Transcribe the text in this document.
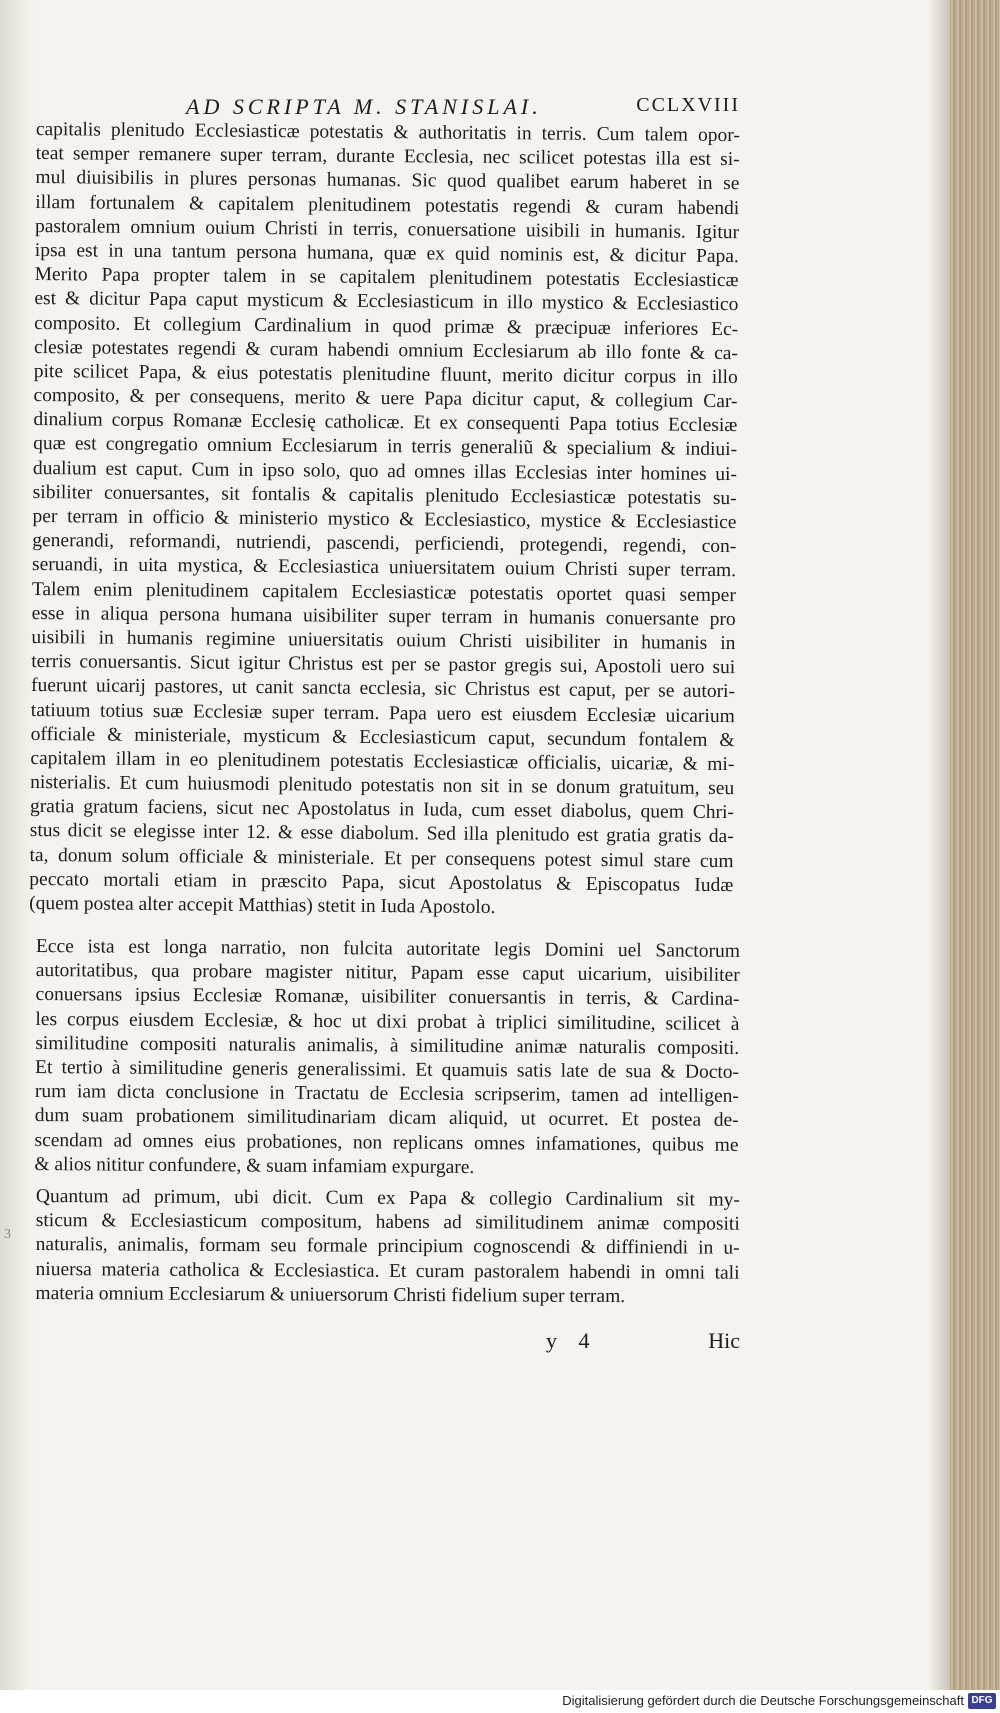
AD SCRIPTA M. STANISLAI.	CCLXVIII
capitalis plenitudo Ecclesiasticæ potestatis & authoritatis in terris. Cum talem opor-
teat semper remanere super terram, durante Ecclesia, nec scilicet potestas illa est si-
mul diuisibilis in plures personas humanas. Sic quod qualibet earum haberet in se
illam fortunalem & capitalem plenitudinem potestatis regendi & curam habendi
pastoralem omnium ouium Christi in terris, conuersatione uisibili in humanis. Igitur
ipsa est in una tantum persona humana, quæ ex quid nominis est, & dicitur Papa.
Merito Papa propter talem in se capitalem plenitudinem potestatis Ecclesiasticæ
est & dicitur Papa caput mysticum & Ecclesiasticum in illo mystico & Ecclesiastico
composito. Et collegium Cardinalium in quod primæ & præcipuæ inferiores Ec-
clesiæ potestates regendi & curam habendi omnium Ecclesiarum ab illo fonte & ca-
pite scilicet Papa, & eius potestatis plenitudine fluunt, merito dicitur corpus in illo
composito, & per consequens, merito & uere Papa dicitur caput, & collegium Car-
dinalium corpus Romanæ Ecclesię catholicæ. Et ex consequenti Papa totius Ecclesiæ
quæ est congregatio omnium Ecclesiarum in terris generaliũ & specialium & indiui-
dualium est caput. Cum in ipso solo, quo ad omnes illas Ecclesias inter homines ui-
sibiliter conuersantes, sit fontalis & capitalis plenitudo Ecclesiasticæ potestatis su-
per terram in officio & ministerio mystico & Ecclesiastico, mystice & Ecclesiastice
generandi, reformandi, nutriendi, pascendi, perficiendi, protegendi, regendi, con-
seruandi, in uita mystica, & Ecclesiastica uniuersitatem ouium Christi super terram.
Talem enim plenitudinem capitalem Ecclesiasticæ potestatis oportet quasi semper
esse in aliqua persona humana uisibiliter super terram in humanis conuersante pro
uisibili in humanis regimine uniuersitatis ouium Christi uisibiliter in humanis in
terris conuersantis. Sicut igitur Christus est per se pastor gregis sui, Apostoli uero sui
fuerunt uicarij pastores, ut canit sancta ecclesia, sic Christus est caput, per se autori-
tatiuum totius suæ Ecclesiæ super terram. Papa uero est eiusdem Ecclesiæ uicarium
officiale & ministeriale, mysticum & Ecclesiasticum caput, secundum fontalem &
capitalem illam in eo plenitudinem potestatis Ecclesiasticæ officialis, uicariæ, & mi-
nisterialis. Et cum huiusmodi plenitudo potestatis non sit in se donum gratuitum, seu
gratia gratum faciens, sicut nec Apostolatus in Iuda, cum esset diabolus, quem Chri-
stus dicit se elegisse inter 12. & esse diabolum. Sed illa plenitudo est gratia gratis da-
ta, donum solum officiale & ministeriale. Et per consequens potest simul stare cum
peccato mortali etiam in præscito Papa, sicut Apostolatus & Episcopatus Iudæ
(quem postea alter accepit Matthias) stetit in Iuda Apostolo.
Ecce ista est longa narratio, non fulcita autoritate legis Domini uel Sanctorum
autoritatibus, qua probare magister nititur, Papam esse caput uicarium, uisibiliter
conuersans ipsius Ecclesiæ Romanæ, uisibiliter conuersantis in terris, & Cardina-
les corpus eiusdem Ecclesiæ, & hoc ut dixi probat à triplici similitudine, scilicet à
similitudine compositi naturalis animalis, à similitudine animæ naturalis compositi.
Et tertio à similitudine generis generalissimi. Et quamuis satis late de sua & Docto-
rum iam dicta conclusione in Tractatu de Ecclesia scripserim, tamen ad intelligen-
dum suam probationem similitudinariam dicam aliquid, ut ocurret. Et postea de-
scendam ad omnes eius probationes, non replicans omnes infamationes, quibus me
& alios nititur confundere, & suam infamiam expurgare.
Quantum ad primum, ubi dicit. Cum ex Papa & collegio Cardinalium sit my-
sticum & Ecclesiasticum compositum, habens ad similitudinem animæ compositi
naturalis, animalis, formam seu formale principium cognoscendi & diffiniendi in u-
niuersa materia catholica & Ecclesiastica. Et curam pastoralem habendi in omni tali
materia omnium Ecclesiarum & uniuersorum Christi fidelium super terram.
y 4	Hic
3
Digitalisierung gefördert durch die Deutsche Forschungsgemeinschaft DFG
